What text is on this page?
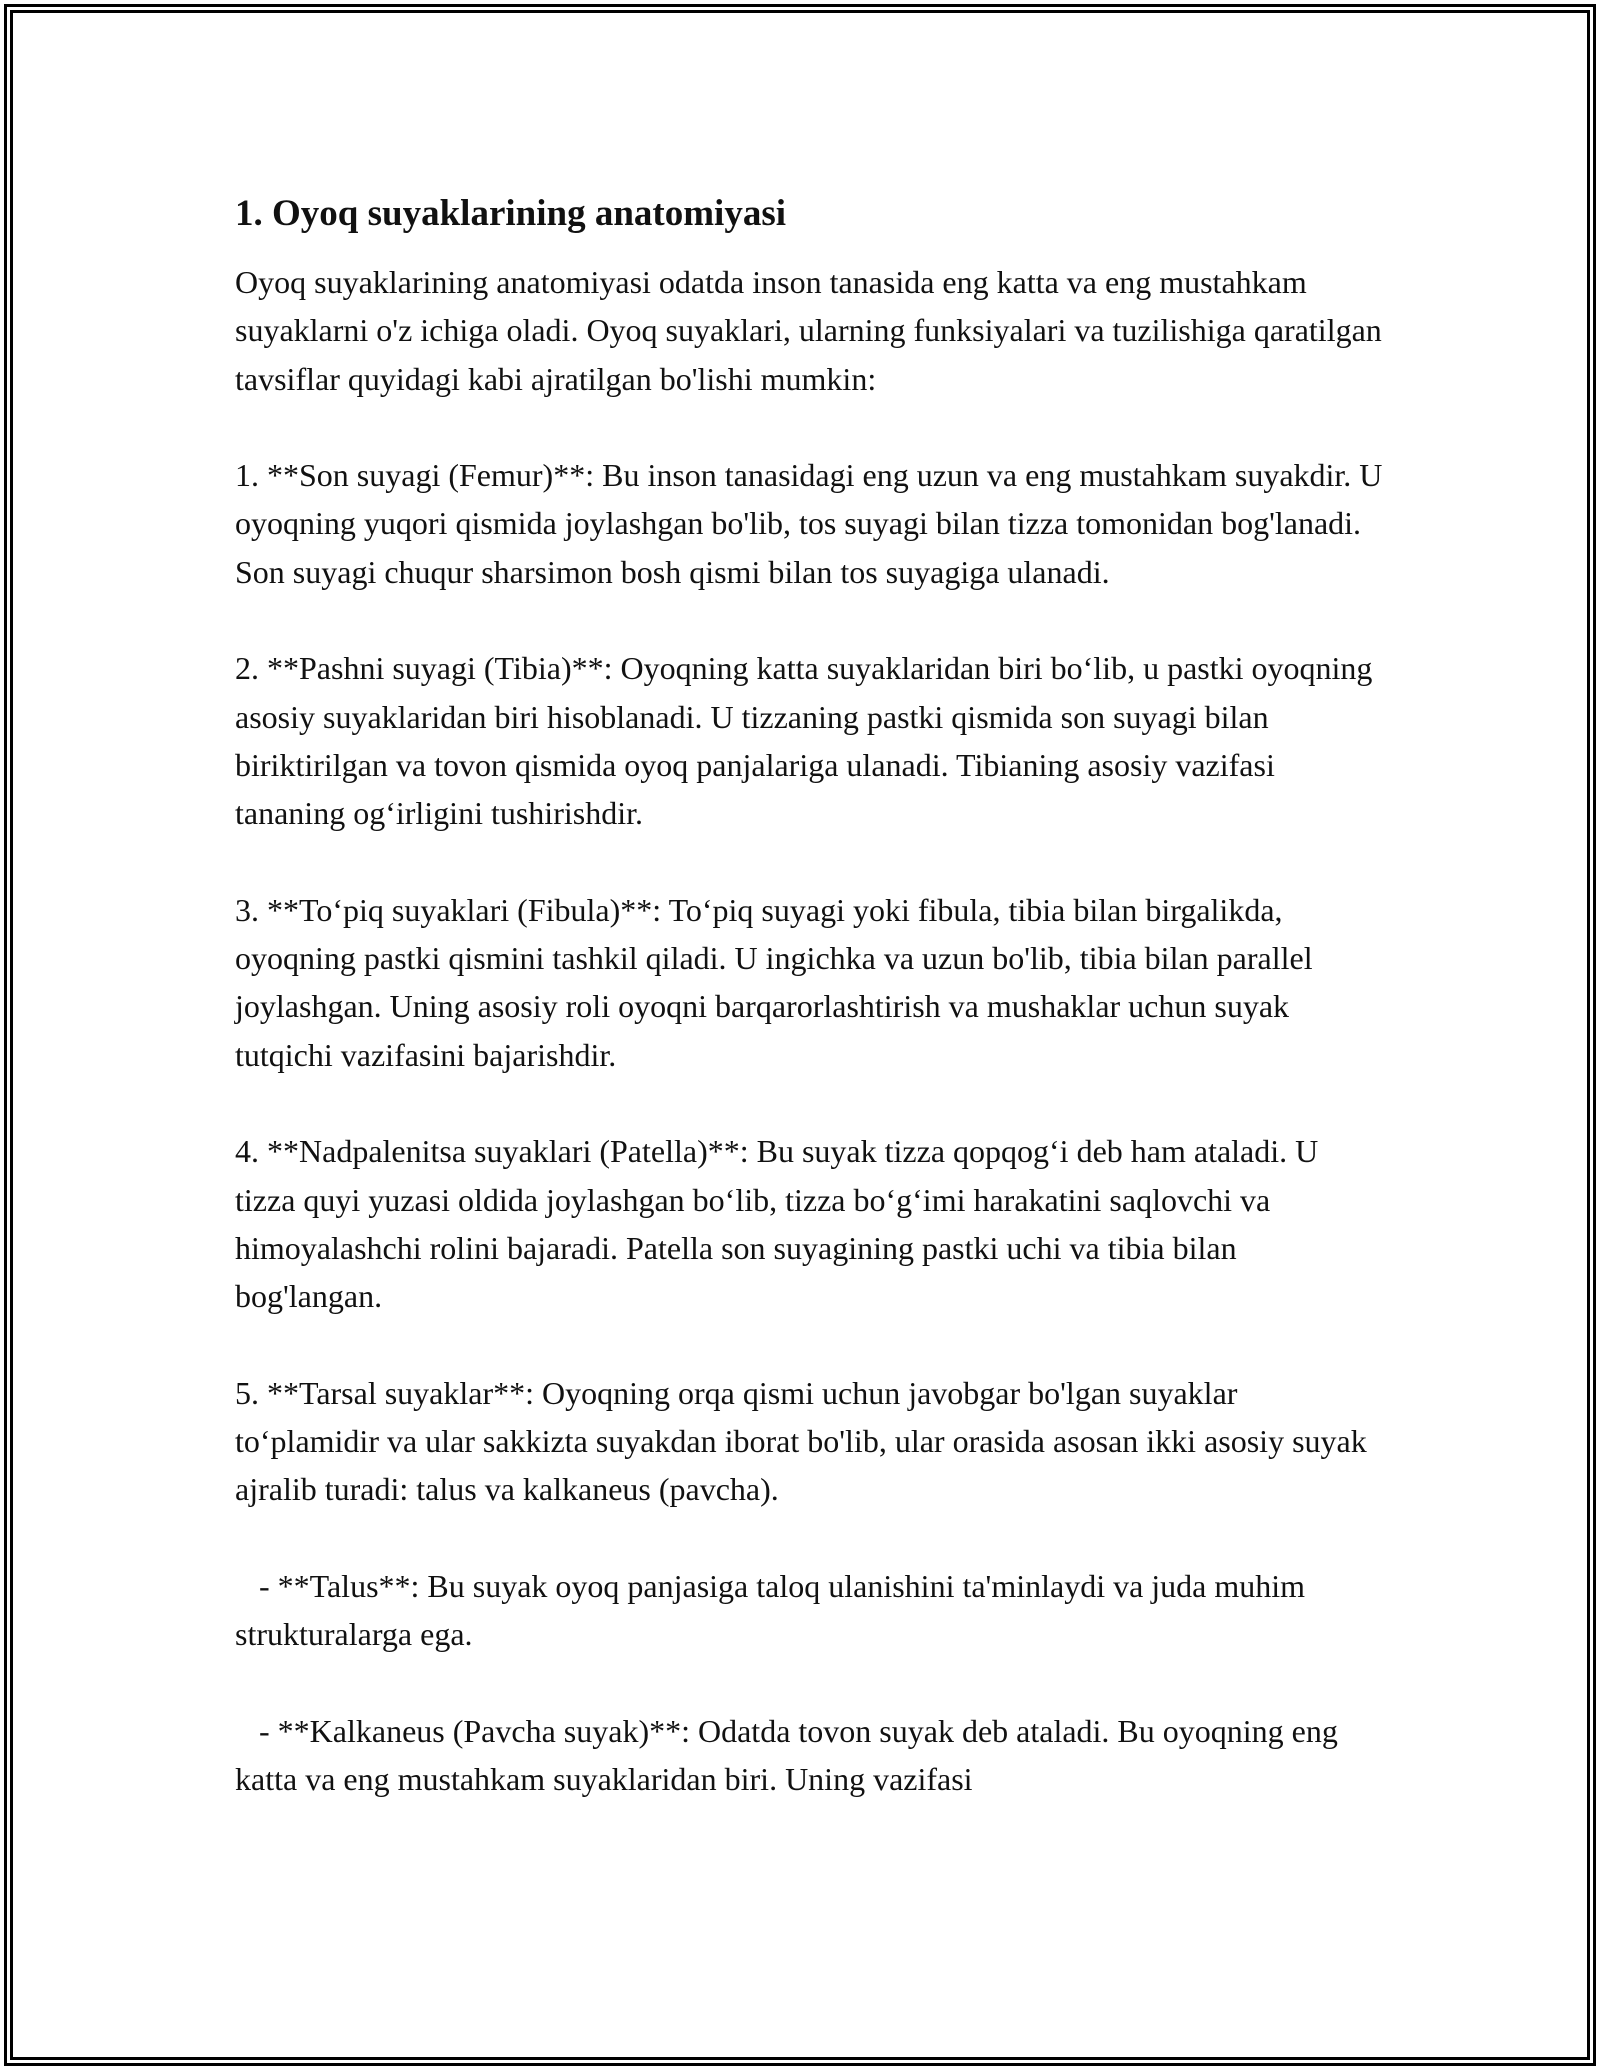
1. Oyoq suyaklarining anatomiyasi

Oyoq suyaklarining anatomiyasi odatda inson tanasida eng katta va eng mustahkam suyaklarni o'z ichiga oladi. Oyoq suyaklari, ularning funksiyalari va tuzilishiga qaratilgan tavsiflar quyidagi kabi ajratilgan bo'lishi mumkin:

1. **Son suyagi (Femur)**: Bu inson tanasidagi eng uzun va eng mustahkam suyakdir. U oyoqning yuqori qismida joylashgan bo'lib, tos suyagi bilan tizza tomonidan bog'lanadi. Son suyagi chuqur sharsimon bosh qismi bilan tos suyagiga ulanadi.

2. **Pashni suyagi (Tibia)**: Oyoqning katta suyaklaridan biri bo‘lib, u pastki oyoqning asosiy suyaklaridan biri hisoblanadi. U tizzaning pastki qismida son suyagi bilan biriktirilgan va tovon qismida oyoq panjalariga ulanadi. Tibianing asosiy vazifasi tananing og‘irligini tushirishdir.

3. **To‘piq suyaklari (Fibula)**: To‘piq suyagi yoki fibula, tibia bilan birgalikda, oyoqning pastki qismini tashkil qiladi. U ingichka va uzun bo'lib, tibia bilan parallel joylashgan. Uning asosiy roli oyoqni barqarorlashtirish va mushaklar uchun suyak tutqichi vazifasini bajarishdir.

4. **Nadpalenitsa suyaklari (Patella)**: Bu suyak tizza qopqog‘i deb ham ataladi. U tizza quyi yuzasi oldida joylashgan bo‘lib, tizza bo‘g‘imi harakatini saqlovchi va himoyalashchi rolini bajaradi. Patella son suyagining pastki uchi va tibia bilan bog'langan.

5. **Tarsal suyaklar**: Oyoqning orqa qismi uchun javobgar bo'lgan suyaklar to‘plamidir va ular sakkizta suyakdan iborat bo'lib, ular orasida asosan ikki asosiy suyak ajralib turadi: talus va kalkaneus (pavcha).

- **Talus**: Bu suyak oyoq panjasiga taloq ulanishini ta'minlaydi va juda muhim strukturalarga ega.

- **Kalkaneus (Pavcha suyak)**: Odatda tovon suyak deb ataladi. Bu oyoqning eng katta va eng mustahkam suyaklaridan biri. Uning vazifasi
